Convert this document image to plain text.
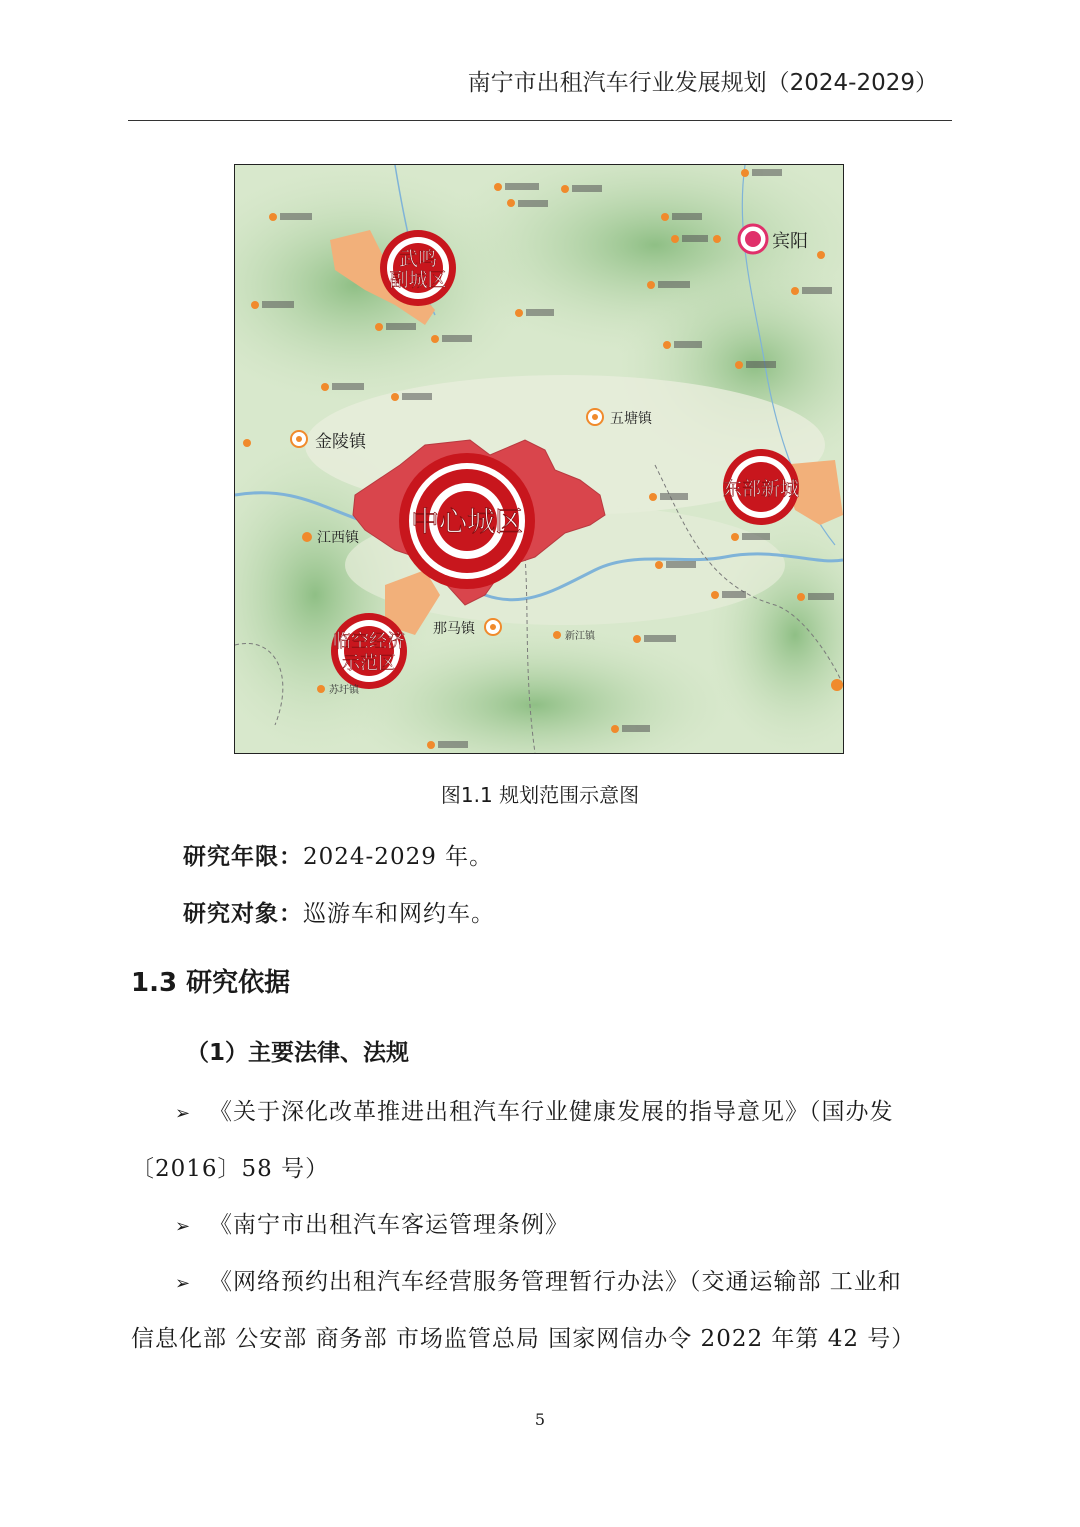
南宁市出租汽车行业发展规划（2024-2029）
中心城区
武鸣
副城区
东部新城
临空经济
示范区
宾阳
金陵镇
五塘镇
江西镇
那马镇	新江镇
苏圩镇
图1.1 规划范围示意图
研究年限：2024-2029 年。
研究对象：巡游车和网约车。
1.3 研究依据
（1）主要法律、法规
➢ 《关于深化改革推进出租汽车行业健康发展的指导意见》（国办发
〔2016〕58 号）
➢ 《南宁市出租汽车客运管理条例》
➢ 《网络预约出租汽车经营服务管理暂行办法》（交通运输部 工业和
信息化部 公安部 商务部 市场监管总局 国家网信办令 2022 年第 42 号）
5
